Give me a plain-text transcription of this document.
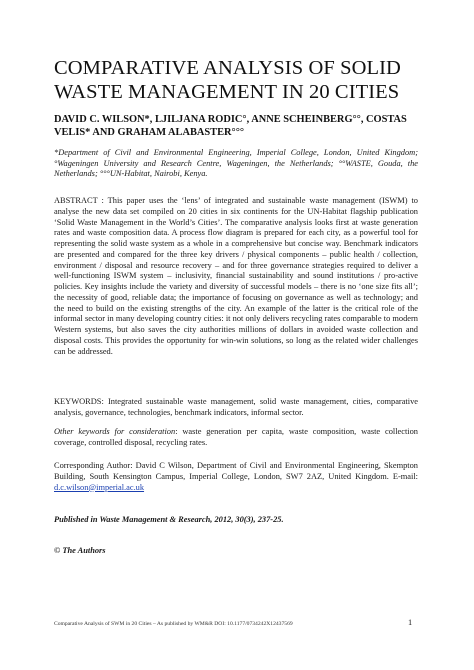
COMPARATIVE ANALYSIS OF SOLID WASTE MANAGEMENT IN 20 CITIES
DAVID C. WILSON*, LJILJANA RODIC°, ANNE SCHEINBERG°°, COSTAS VELIS* AND GRAHAM ALABASTER°°°
*Department of Civil and Environmental Engineering, Imperial College, London, United Kingdom; °Wageningen University and Research Centre, Wageningen, the Netherlands; °°WASTE, Gouda, the Netherlands; °°°UN-Habitat, Nairobi, Kenya.
ABSTRACT : This paper uses the ‘lens’ of integrated and sustainable waste management (ISWM) to analyse the new data set compiled on 20 cities in six continents for the UN-Habitat flagship publication ‘Solid Waste Management in the World’s Cities’. The comparative analysis looks first at waste generation rates and waste composition data. A process flow diagram is prepared for each city, as a powerful tool for representing the solid waste system as a whole in a comprehensive but concise way. Benchmark indicators are presented and compared for the three key drivers / physical components – public health / collection, environment / disposal and resource recovery – and for three governance strategies required to deliver a well-functioning ISWM system – inclusivity, financial sustainability and sound institutions / pro-active policies. Key insights include the variety and diversity of successful models – there is no ‘one size fits all’; the necessity of good, reliable data; the importance of focusing on governance as well as technology; and the need to build on the existing strengths of the city. An example of the latter is the critical role of the informal sector in many developing country cities: it not only delivers recycling rates comparable to modern Western systems, but also saves the city authorities millions of dollars in avoided waste collection and disposal costs. This provides the opportunity for win-win solutions, so long as the related wider challenges can be addressed.
KEYWORDS: Integrated sustainable waste management, solid waste management, cities, comparative analysis, governance, technologies, benchmark indicators, informal sector.
Other keywords for consideration: waste generation per capita, waste composition, waste collection coverage, controlled disposal, recycling rates.
Corresponding Author: David C Wilson, Department of Civil and Environmental Engineering, Skempton Building, South Kensington Campus, Imperial College, London, SW7 2AZ, United Kingdom. E-mail: d.c.wilson@imperial.ac.uk
Published in Waste Management & Research, 2012, 30(3), 237-25.
© The Authors
Comparative Analysis of SWM in 20 Cities – As published by WM&R DOI: 10.1177/0734242X12437569	1
